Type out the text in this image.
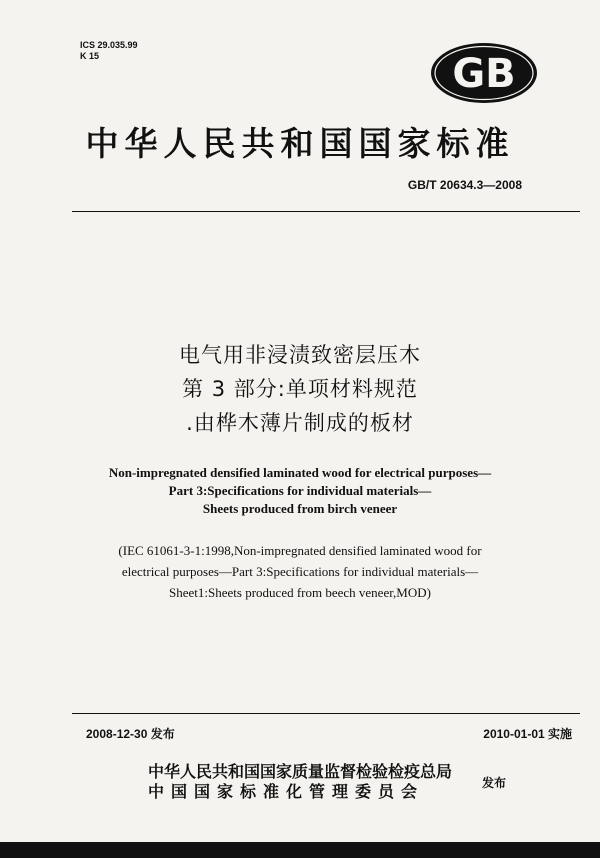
ICS 29.035.99
K 15	GB
中华人民共和国国家标准
GB/T 20634.3—2008
电气用非浸渍致密层压木
第 3 部分:单项材料规范
.由桦木薄片制成的板材
Non-impregnated densified laminated wood for electrical purposes—
Part 3:Specifications for individual materials—
Sheets produced from birch veneer
(IEC 61061-3-1:1998,Non-impregnated densified laminated wood for
electrical purposes—Part 3:Specifications for individual materials—
Sheet1:Sheets produced from beech veneer,MOD)
2008-12-30 发布	2010-01-01 实施
中华人民共和国国家质量监督检验检疫总局
中国国家标准化管理委员会	发布
